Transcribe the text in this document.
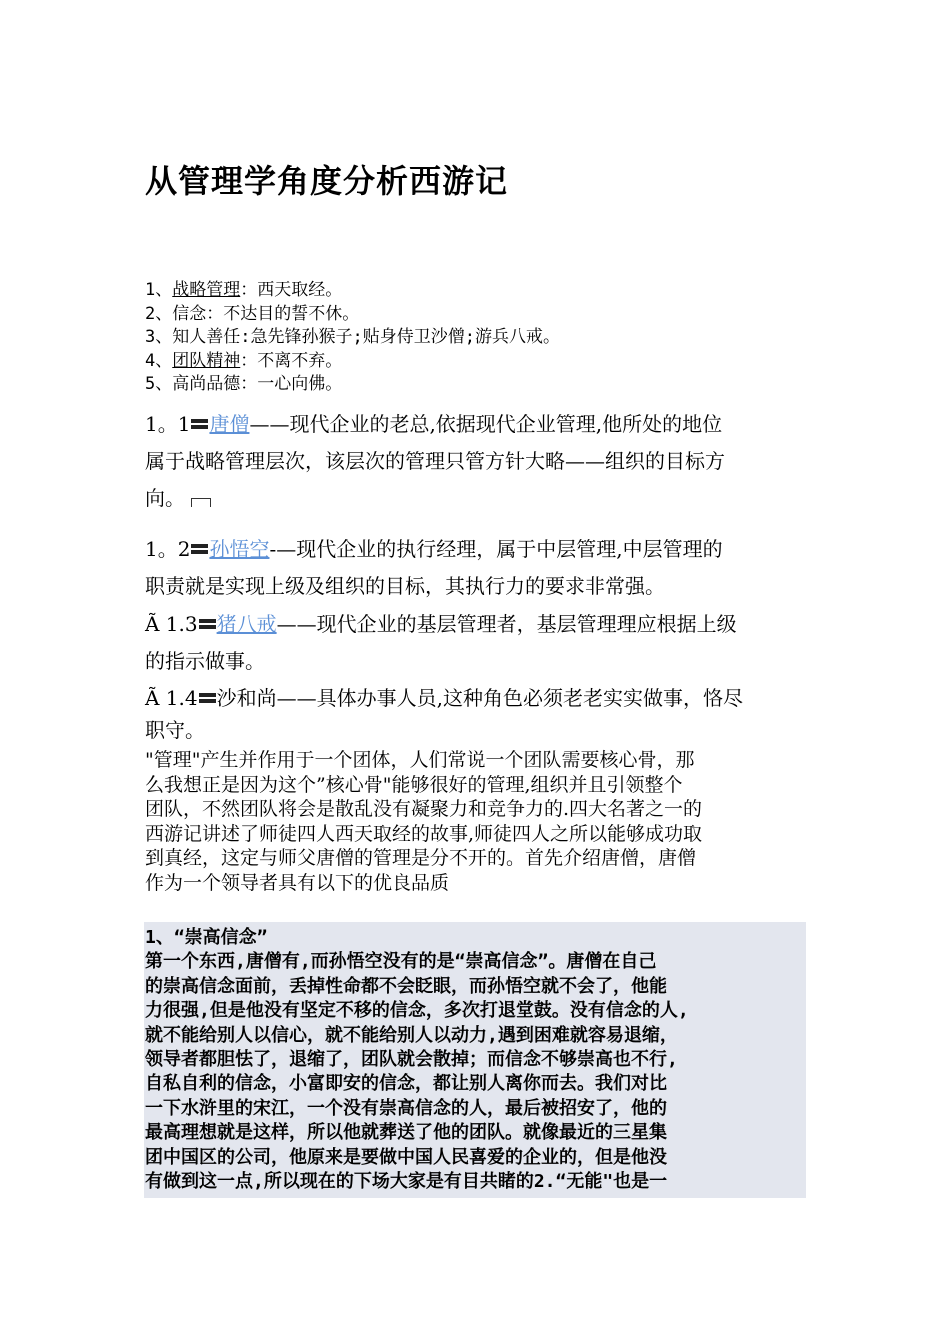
从管理学角度分析西游记
1、战略管理：西天取经。
2、信念：不达目的誓不休。
3、知人善任:急先锋孙猴子;贴身侍卫沙僧;游兵八戒。
4、团队精神：不离不弃。
5、高尚品德：一心向佛。
1。1 唐僧——现代企业的老总,依据现代企业管理,他所处的地位
属于战略管理层次，该层次的管理只管方针大略——组织的目标方
向。
1。2 孙悟空-—现代企业的执行经理，属于中层管理,中层管理的
职责就是实现上级及组织的目标，其执行力的要求非常强。
Ã 1.3 猪八戒——现代企业的基层管理者，基层管理理应根据上级
的指示做事。
Ã 1.4 沙和尚——具体办事人员,这种角色必须老老实实做事，恪尽
职守。
"管理"产生并作用于一个团体，人们常说一个团队需要核心骨，那
么我想正是因为这个”核心骨"能够很好的管理,组织并且引领整个
团队，不然团队将会是散乱没有凝聚力和竞争力的.四大名著之一的
西游记讲述了师徒四人西天取经的故事,师徒四人之所以能够成功取
到真经，这定与师父唐僧的管理是分不开的。首先介绍唐僧，唐僧
作为一个领导者具有以下的优良品质
1、“崇高信念”
第一个东西,唐僧有,而孙悟空没有的是“崇高信念”。唐僧在自己
的崇高信念面前，丢掉性命都不会眨眼，而孙悟空就不会了，他能
力很强,但是他没有坚定不移的信念，多次打退堂鼓。没有信念的人,
就不能给别人以信心，就不能给别人以动力,遇到困难就容易退缩，
领导者都胆怯了，退缩了，团队就会散掉；而信念不够崇高也不行,
自私自利的信念，小富即安的信念，都让别人离你而去。我们对比
一下水浒里的宋江，一个没有崇高信念的人，最后被招安了，他的
最高理想就是这样，所以他就葬送了他的团队。就像最近的三星集
团中国区的公司，他原来是要做中国人民喜爱的企业的，但是他没
有做到这一点,所以现在的下场大家是有目共睹的2.“无能"也是一
